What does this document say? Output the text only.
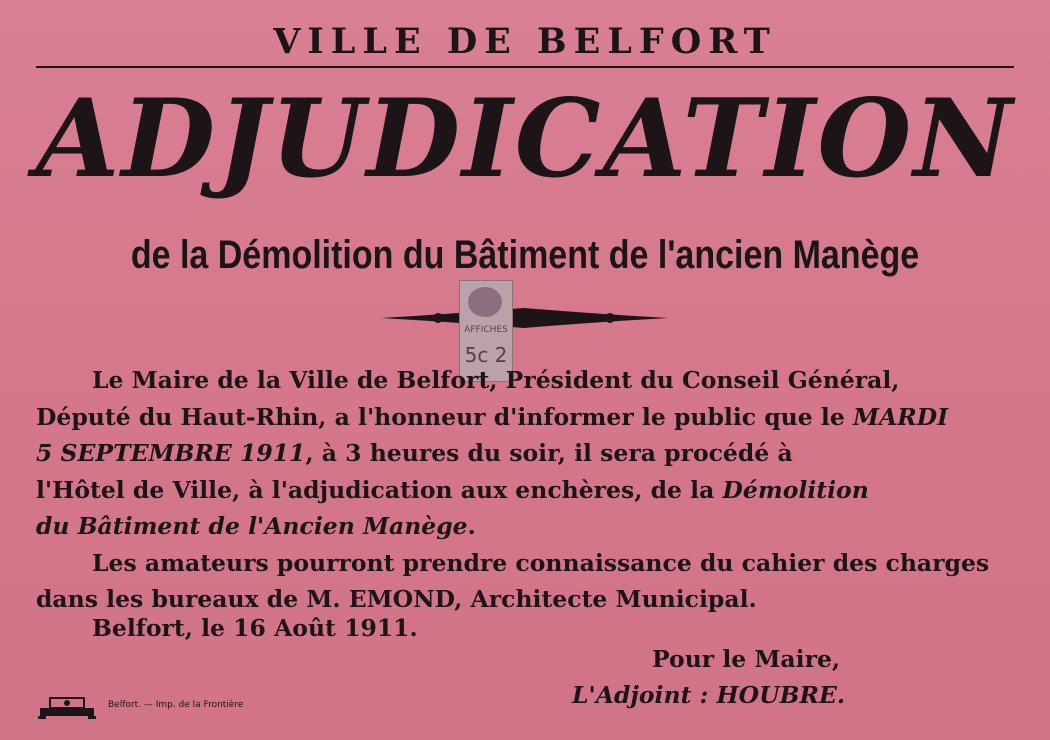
VILLE DE BELFORT
ADJUDICATION
de la Démolition du Bâtiment de l'ancien Manège
AFFICHES
5c 2
Le Maire de la Ville de Belfort, Président du Conseil Général,
Député du Haut-Rhin, a l'honneur d'informer le public que le MARDI
5 SEPTEMBRE 1911, à 3 heures du soir, il sera procédé à
l'Hôtel de Ville, à l'adjudication aux enchères, de la Démolition
du Bâtiment de l'Ancien Manège.
Les amateurs pourront prendre connaissance du cahier des charges
dans les bureaux de M. EMOND, Architecte Municipal.
Belfort, le 16 Août 1911.
Pour le Maire,
L'Adjoint : HOUBRE.
Belfort. — Imp. de la Frontière
